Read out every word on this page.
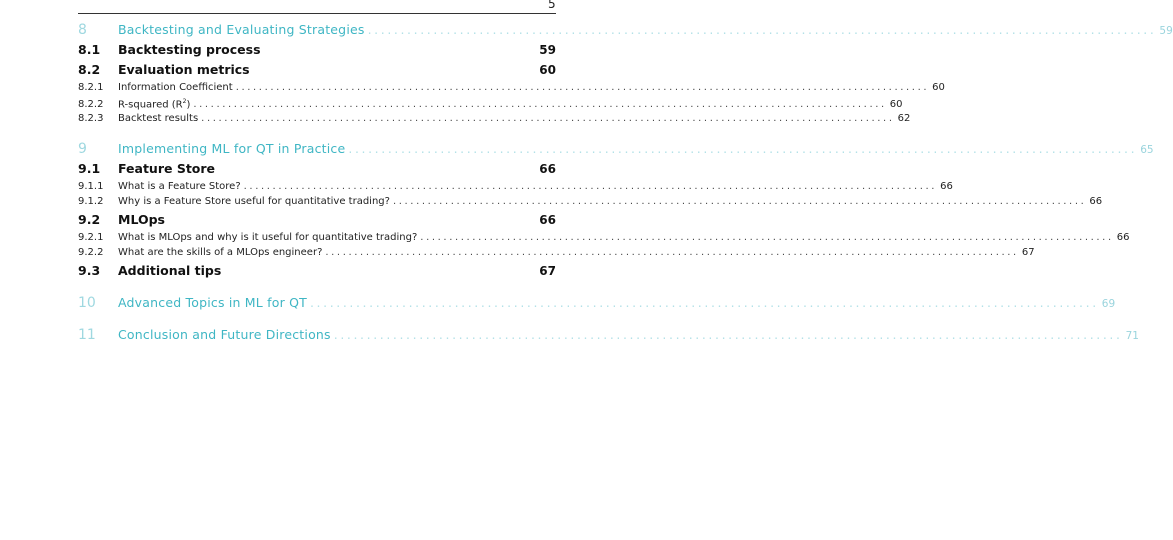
5
8	Backtesting and Evaluating Strategies ........................................................................................................................ 59
8.1	Backtesting process	59
8.2	Evaluation metrics	60
8.2.1	Information Coefficient ........................................................................................................................ 60
8.2.2	R-squared $(R^2)$ ........................................................................................................................ 60
8.2.3	Backtest results ........................................................................................................................ 62
9	Implementing ML for QT in Practice ........................................................................................................................ 65
9.1	Feature Store	66
9.1.1	What is a Feature Store? ........................................................................................................................ 66
9.1.2	Why is a Feature Store useful for quantitative trading? ........................................................................................................................ 66
9.2	MLOps	66
9.2.1	What is MLOps and why is it useful for quantitative trading? ........................................................................................................................ 66
9.2.2	What are the skills of a MLOps engineer? ........................................................................................................................ 67
9.3	Additional tips	67
10	Advanced Topics in ML for QT ........................................................................................................................ 69
11	Conclusion and Future Directions ........................................................................................................................ 71
